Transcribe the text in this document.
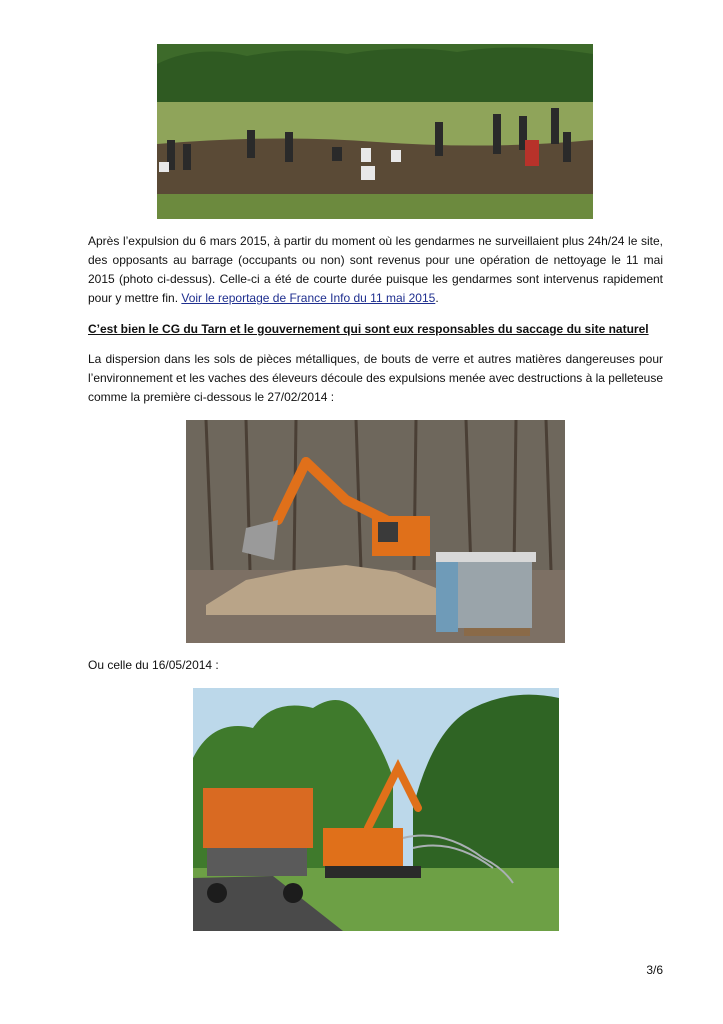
Après l’expulsion du 6 mars 2015, à partir du moment où les gendarmes ne surveillaient plus 24h/24 le site, des opposants au barrage (occupants ou non) sont revenus pour une opération de nettoyage le 11 mai 2015 (photo ci-dessus). Celle-ci a été de courte durée puisque les gendarmes sont intervenus rapidement pour y mettre fin. Voir le reportage de France Info du 11 mai 2015.

C’est bien le CG du Tarn et le gouvernement qui sont eux responsables du saccage du site naturel

La dispersion dans les sols de pièces métalliques, de bouts de verre et autres matières dangereuses pour l’environnement et les vaches des éleveurs découle des expulsions menée avec destructions à la pelleteuse comme la première ci-dessous le 27/02/2014 :

Ou celle du 16/05/2014 :

3/6
